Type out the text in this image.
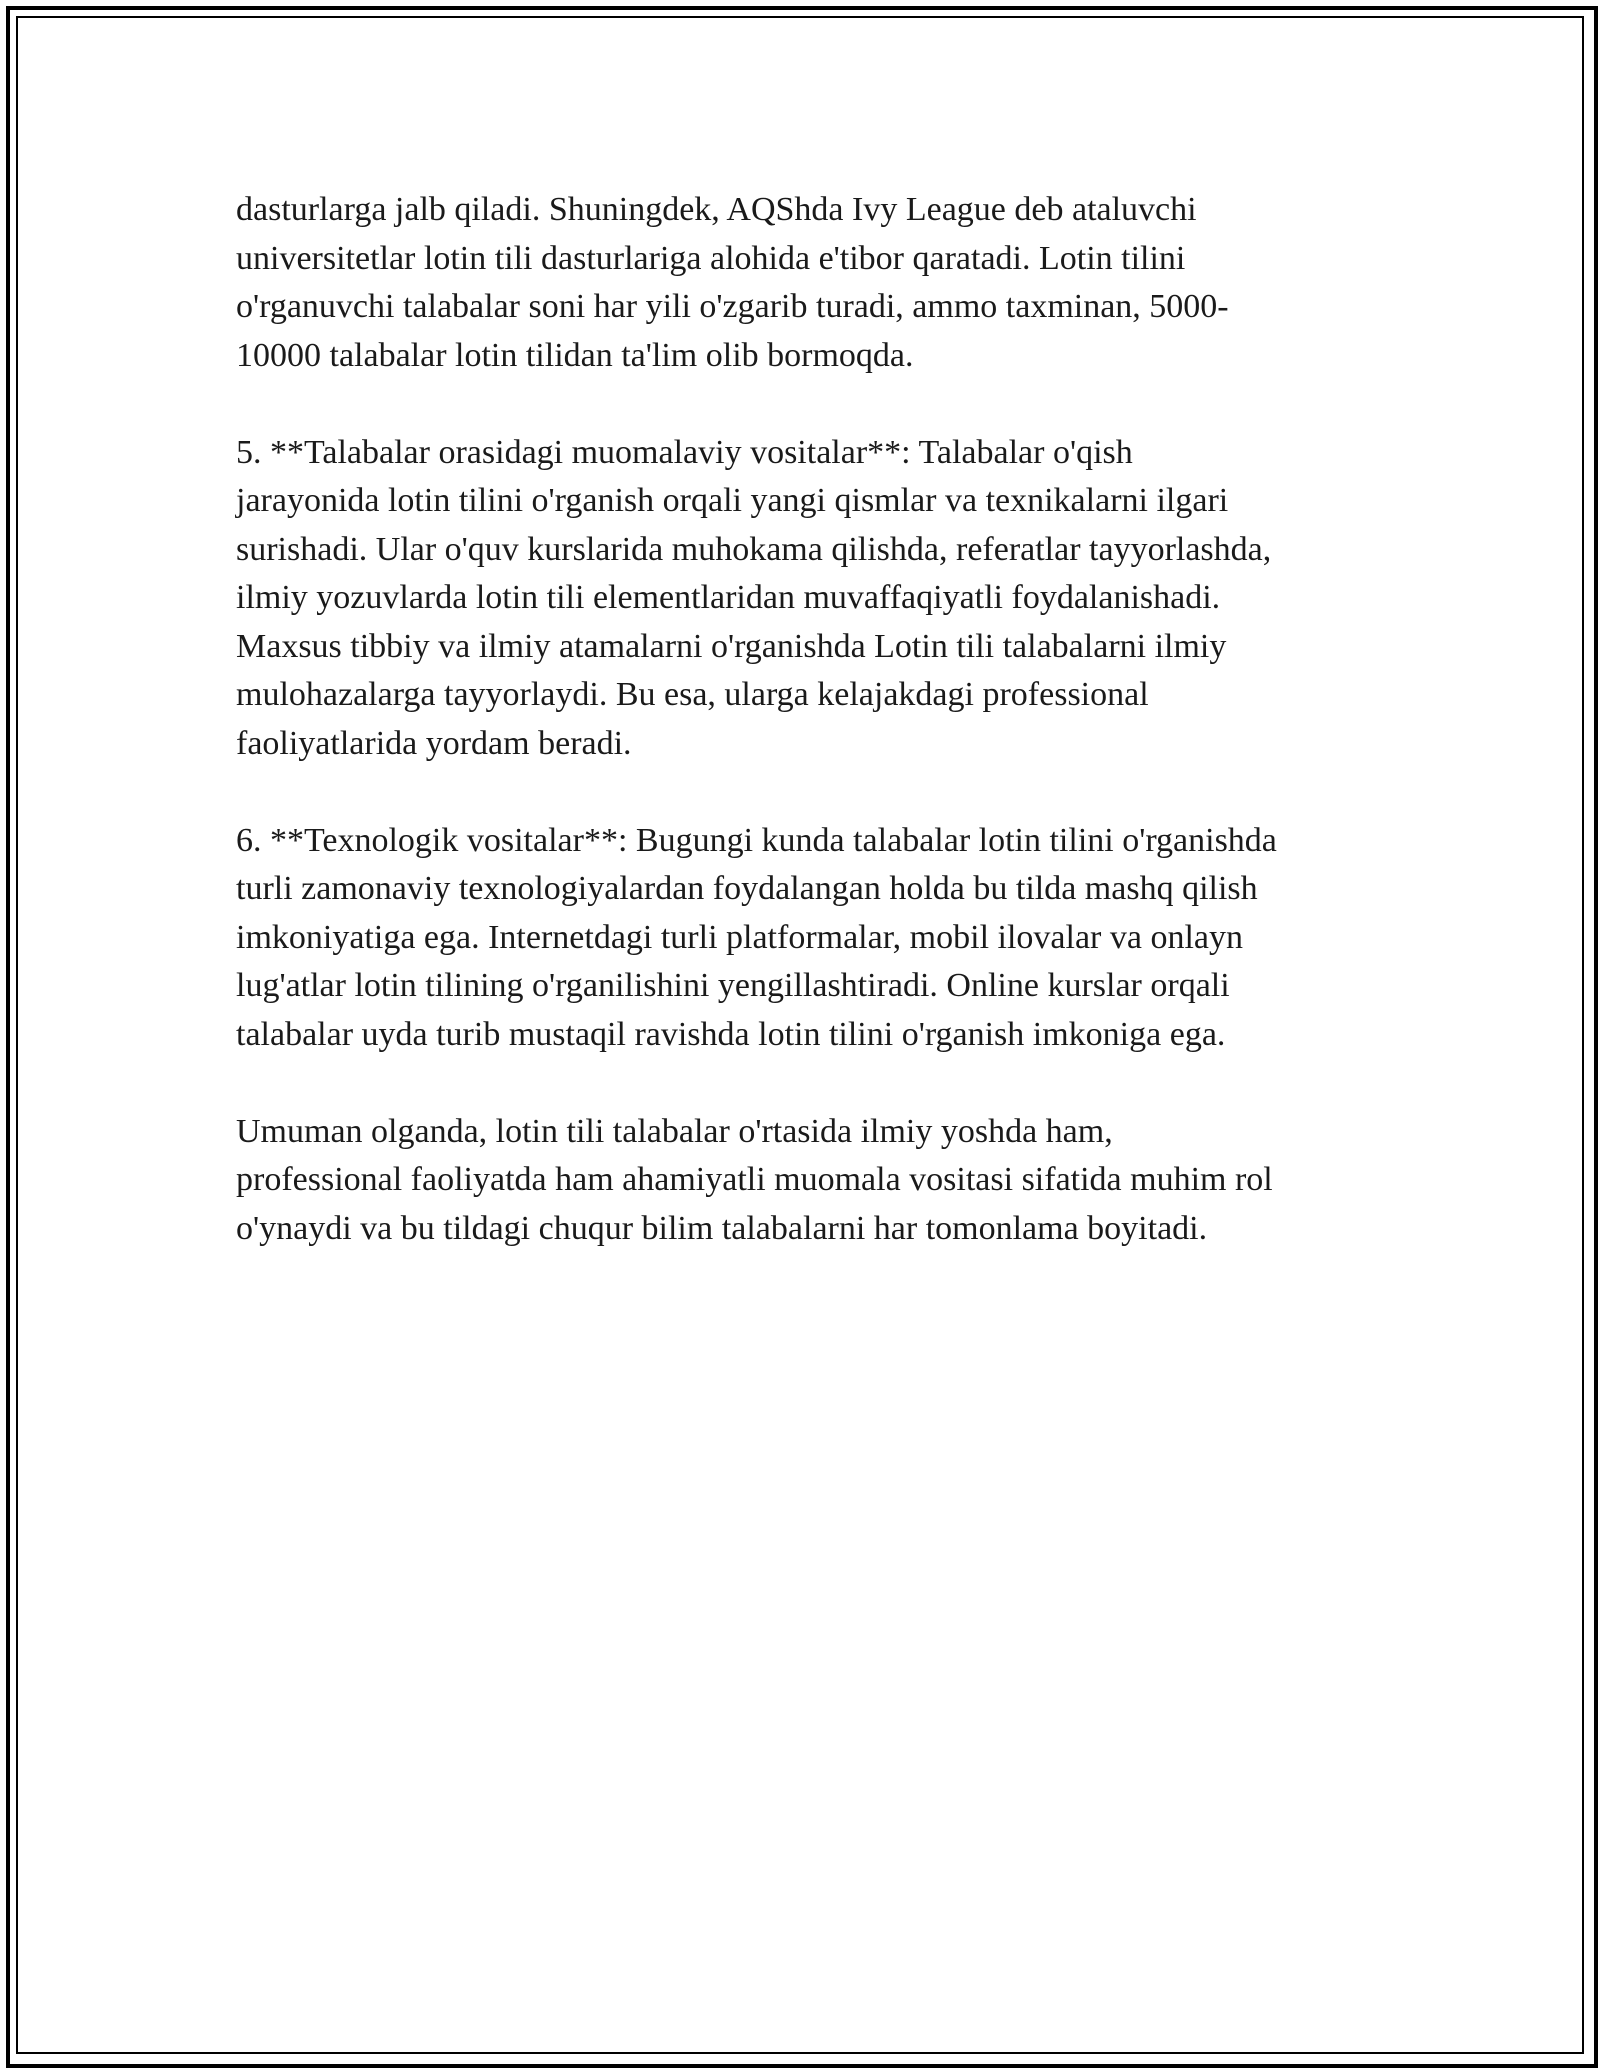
dasturlarga jalb qiladi. Shuningdek, AQShda Ivy League deb ataluvchi
universitetlar lotin tili dasturlariga alohida e'tibor qaratadi. Lotin tilini
o'rganuvchi talabalar soni har yili o'zgarib turadi, ammo taxminan, 5000-
10000 talabalar lotin tilidan ta'lim olib bormoqda.

5. **Talabalar orasidagi muomalaviy vositalar**: Talabalar o'qish
jarayonida lotin tilini o'rganish orqali yangi qismlar va texnikalarni ilgari
surishadi. Ular o'quv kurslarida muhokama qilishda, referatlar tayyorlashda,
ilmiy yozuvlarda lotin tili elementlaridan muvaffaqiyatli foydalanishadi.
Maxsus tibbiy va ilmiy atamalarni o'rganishda Lotin tili talabalarni ilmiy
mulohazalarga tayyorlaydi. Bu esa, ularga kelajakdagi professional
faoliyatlarida yordam beradi.

6. **Texnologik vositalar**: Bugungi kunda talabalar lotin tilini o'rganishda
turli zamonaviy texnologiyalardan foydalangan holda bu tilda mashq qilish
imkoniyatiga ega. Internetdagi turli platformalar, mobil ilovalar va onlayn
lug'atlar lotin tilining o'rganilishini yengillashtiradi. Online kurslar orqali
talabalar uyda turib mustaqil ravishda lotin tilini o'rganish imkoniga ega.

Umuman olganda, lotin tili talabalar o'rtasida ilmiy yoshda ham,
professional faoliyatda ham ahamiyatli muomala vositasi sifatida muhim rol
o'ynaydi va bu tildagi chuqur bilim talabalarni har tomonlama boyitadi.
